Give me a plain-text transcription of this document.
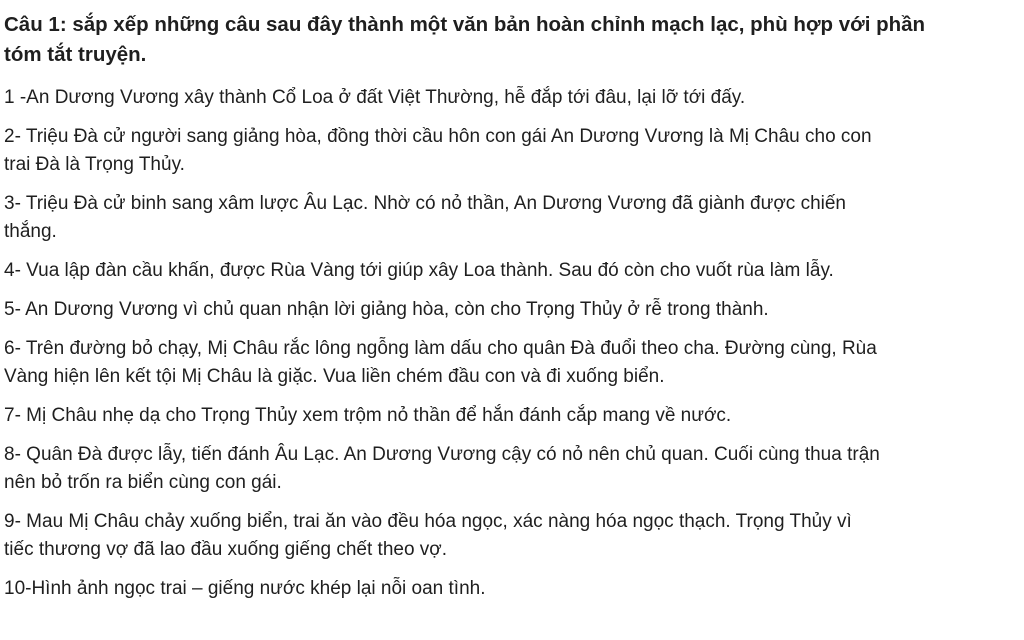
Câu 1: sắp xếp những câu sau đây thành một văn bản hoàn chỉnh mạch lạc, phù hợp với phần
tóm tắt truyện.
1 -An Dương Vương xây thành Cổ Loa ở đất Việt Thường, hễ đắp tới đâu, lại lỡ tới đấy.
2- Triệu Đà cử người sang giảng hòa, đồng thời cầu hôn con gái An Dương Vương là Mị Châu cho con
trai Đà là Trọng Thủy.
3- Triệu Đà cử binh sang xâm lược Âu Lạc. Nhờ có nỏ thần, An Dương Vương đã giành được chiến
thắng.
4- Vua lập đàn cầu khấn, được Rùa Vàng tới giúp xây Loa thành. Sau đó còn cho vuốt rùa làm lẫy.
5- An Dương Vương vì chủ quan nhận lời giảng hòa, còn cho Trọng Thủy ở rễ trong thành.
6- Trên đường bỏ chạy, Mị Châu rắc lông ngỗng làm dấu cho quân Đà đuổi theo cha. Đường cùng, Rùa
Vàng hiện lên kết tội Mị Châu là giặc. Vua liền chém đầu con và đi xuống biển.
7- Mị Châu nhẹ dạ cho Trọng Thủy xem trộm nỏ thần để hắn đánh cắp mang về nước.
8- Quân Đà được lẫy, tiến đánh Âu Lạc. An Dương Vương cậy có nỏ nên chủ quan. Cuối cùng thua trận
nên bỏ trốn ra biển cùng con gái.
9- Mau Mị Châu chảy xuống biển, trai ăn vào đều hóa ngọc, xác nàng hóa ngọc thạch. Trọng Thủy vì
tiếc thương vợ đã lao đầu xuống giếng chết theo vợ.
10-Hình ảnh ngọc trai – giếng nước khép lại nỗi oan tình.
